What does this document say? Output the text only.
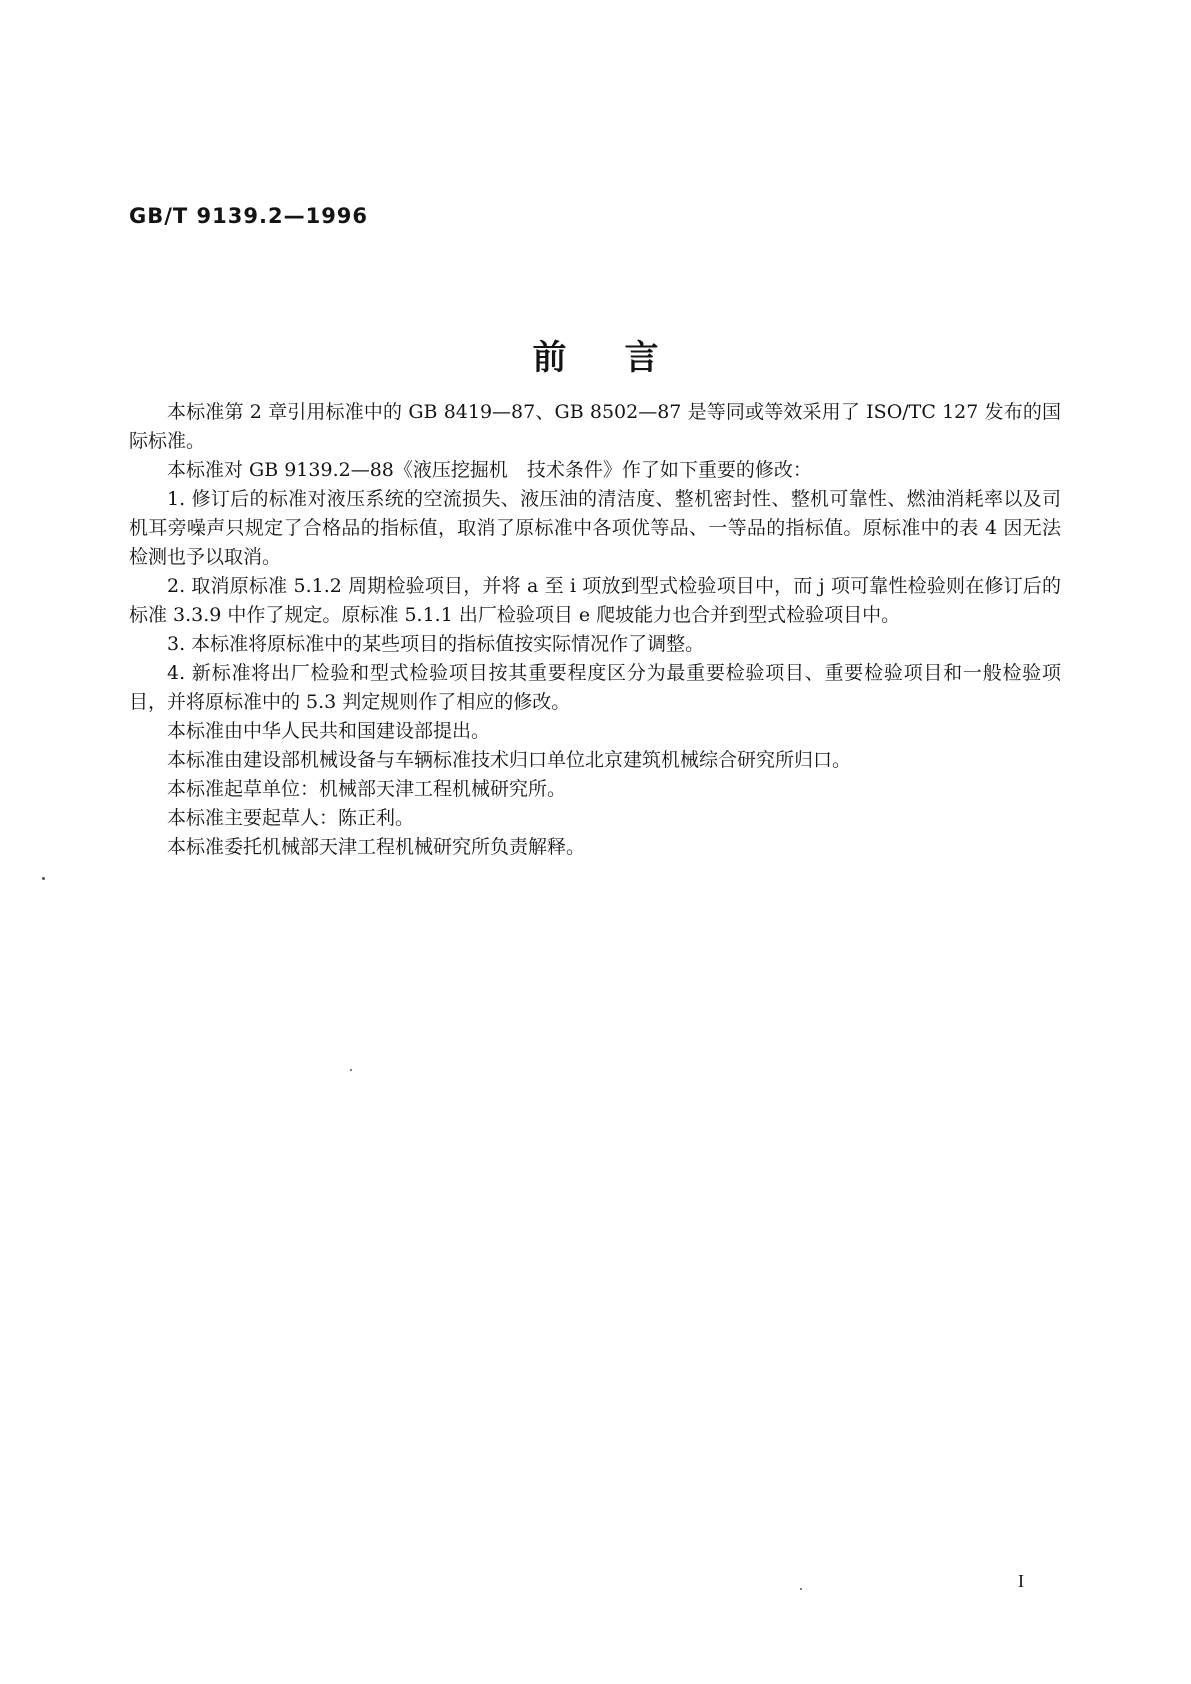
GB/T 9139.2—1996
前言

本标准第 2 章引用标准中的 GB 8419—87、GB 8502—87 是等同或等效采用了 ISO/TC 127 发布的国际标准。

本标准对 GB 9139.2—88《液压挖掘机　技术条件》作了如下重要的修改：

1. 修订后的标准对液压系统的空流损失、液压油的清洁度、整机密封性、整机可靠性、燃油消耗率以及司机耳旁噪声只规定了合格品的指标值，取消了原标准中各项优等品、一等品的指标值。原标准中的表 4 因无法检测也予以取消。

2. 取消原标准 5.1.2 周期检验项目，并将 a 至 i 项放到型式检验项目中，而 j 项可靠性检验则在修订后的标准 3.3.9 中作了规定。原标准 5.1.1 出厂检验项目 e 爬坡能力也合并到型式检验项目中。

3. 本标准将原标准中的某些项目的指标值按实际情况作了调整。

4. 新标准将出厂检验和型式检验项目按其重要程度区分为最重要检验项目、重要检验项目和一般检验项目，并将原标准中的 5.3 判定规则作了相应的修改。

本标准由中华人民共和国建设部提出。

本标准由建设部机械设备与车辆标准技术归口单位北京建筑机械综合研究所归口。

本标准起草单位：机械部天津工程机械研究所。

本标准主要起草人：陈正利。

本标准委托机械部天津工程机械研究所负责解释。

I
